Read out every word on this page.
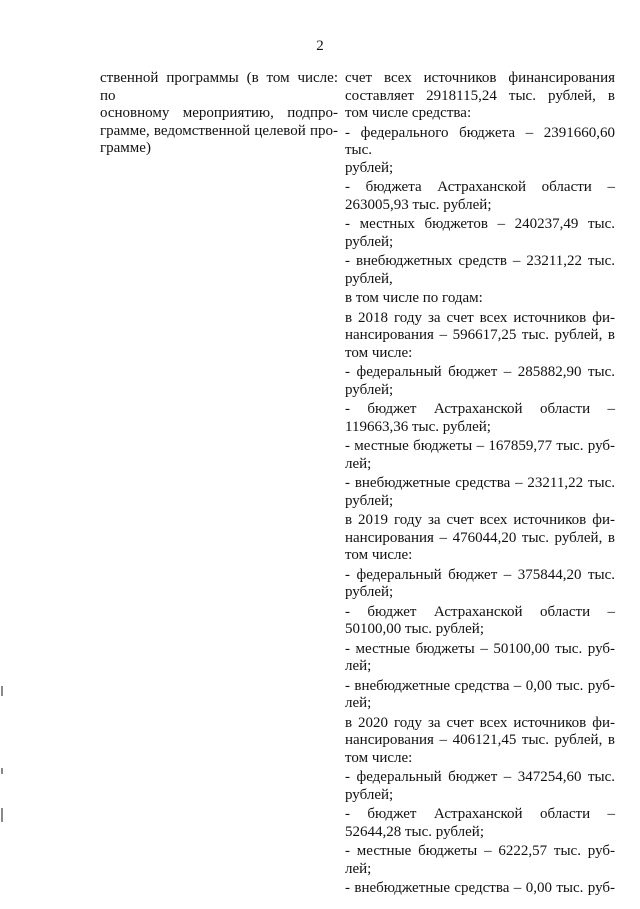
2
ственной программы (в том числе: по
основному мероприятию, подпро-
грамме, ведомственной целевой про-
грамме)
счет всех источников финансирования
составляет 2918115,24 тыс. рублей, в
том числе средства:
- федерального бюджета – 2391660,60 тыс.
рублей;
- бюджета Астраханской области –
263005,93 тыс. рублей;
- местных бюджетов – 240237,49 тыс.
рублей;
- внебюджетных средств – 23211,22 тыс.
рублей,
в том числе по годам:
в 2018 году за счет всех источников фи-
нансирования – 596617,25 тыс. рублей, в
том числе:
- федеральный бюджет – 285882,90 тыс.
рублей;
- бюджет Астраханской области –
119663,36 тыс. рублей;
- местные бюджеты – 167859,77 тыс. руб-
лей;
- внебюджетные средства – 23211,22 тыс.
рублей;
в 2019 году за счет всех источников фи-
нансирования – 476044,20 тыс. рублей, в
том числе:
- федеральный бюджет – 375844,20 тыс.
рублей;
- бюджет Астраханской области –
50100,00 тыс. рублей;
- местные бюджеты – 50100,00 тыс. руб-
лей;
- внебюджетные средства – 0,00 тыс. руб-
лей;
в 2020 году за счет всех источников фи-
нансирования – 406121,45 тыс. рублей, в
том числе:
- федеральный бюджет – 347254,60 тыс.
рублей;
- бюджет Астраханской области –
52644,28 тыс. рублей;
- местные бюджеты – 6222,57 тыс. руб-
лей;
- внебюджетные средства – 0,00 тыс. руб-
